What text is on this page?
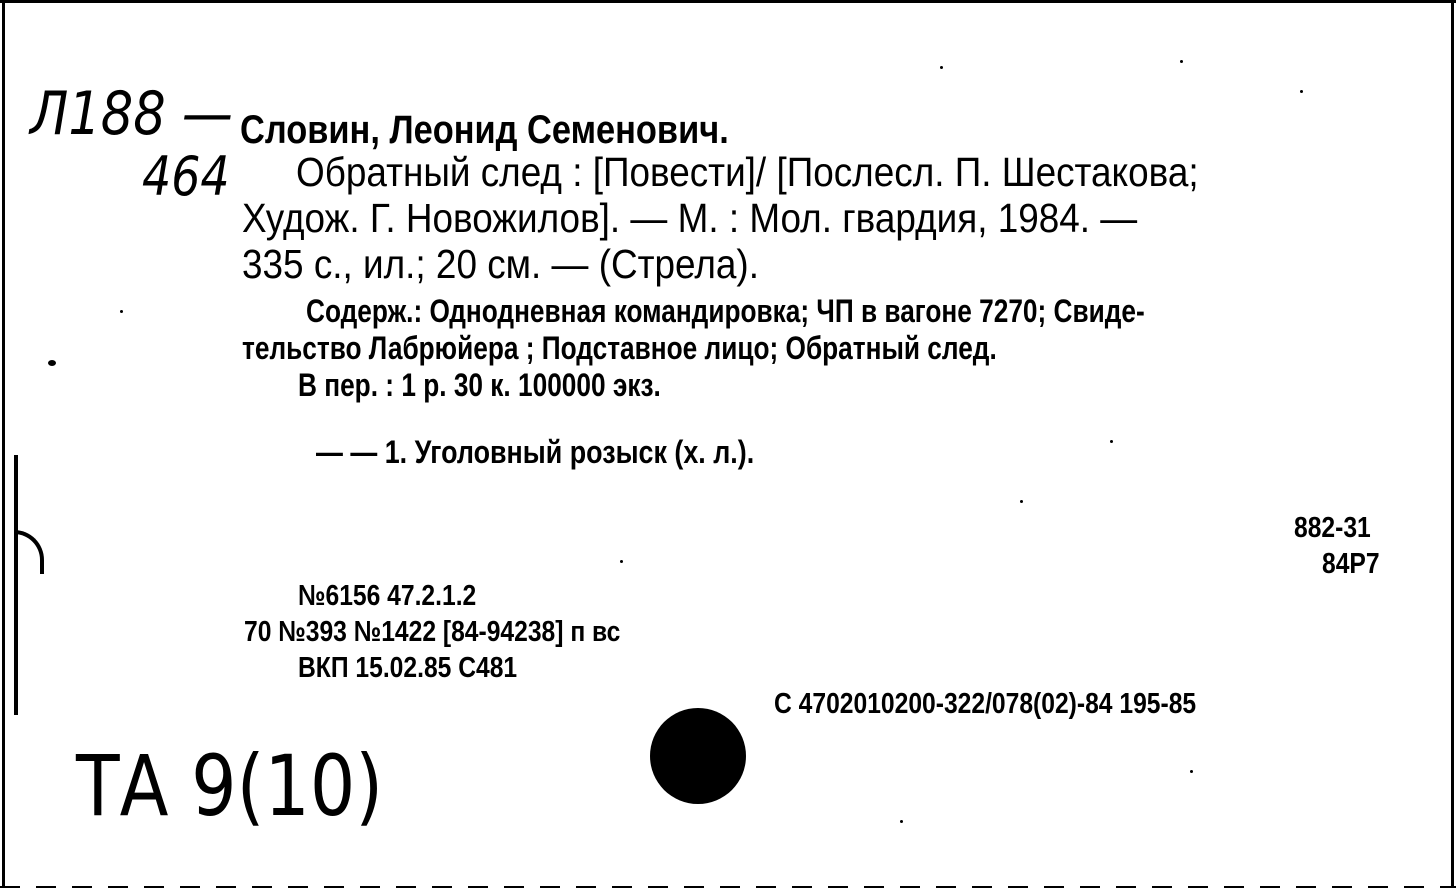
Л188 —
464
Словин, Леонид Семенович.
Обратный след : [Повести]/ [Послесл. П. Шестакова;
Худож. Г. Новожилов]. — М. : Мол. гвардия, 1984. —
335 с., ил.; 20 см. — (Стрела).
Содерж.: Однодневная командировка; ЧП в вагоне 7270; Свиде-
тельство Лабрюйера ; Подставное лицо; Обратный след.
В пер. : 1 р. 30 к. 100000 экз.
— — 1. Уголовный розыск (х. л.).
882-31
84Р7
№6156 47.2.1.2
70 №393 №1422 [84-94238] п вс
ВКП 15.02.85 С481
С 4702010200-322/078(02)-84 195-85
ТА 9(10)
